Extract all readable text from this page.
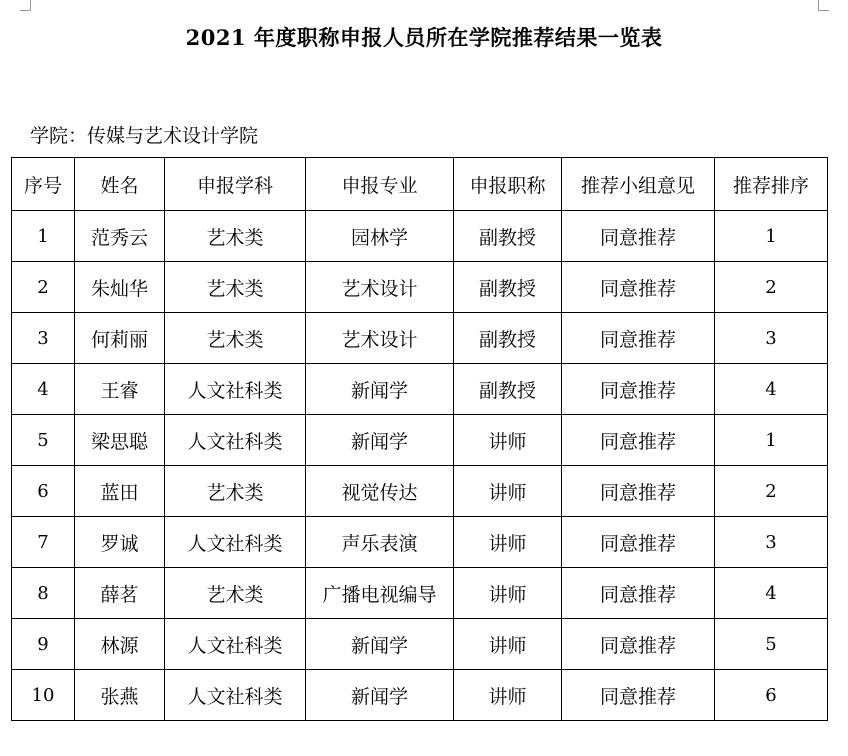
2021 年度职称申报人员所在学院推荐结果一览表
学院：传媒与艺术设计学院
序号	姓名	申报学科	申报专业	申报职称	推荐小组意见	推荐排序
1	范秀云	艺术类	园林学	副教授	同意推荐	1
2	朱灿华	艺术类	艺术设计	副教授	同意推荐	2
3	何莉丽	艺术类	艺术设计	副教授	同意推荐	3
4	王睿	人文社科类	新闻学	副教授	同意推荐	4
5	梁思聪	人文社科类	新闻学	讲师	同意推荐	1
6	蓝田	艺术类	视觉传达	讲师	同意推荐	2
7	罗诚	人文社科类	声乐表演	讲师	同意推荐	3
8	薛茗	艺术类	广播电视编导	讲师	同意推荐	4
9	林源	人文社科类	新闻学	讲师	同意推荐	5
10	张燕	人文社科类	新闻学	讲师	同意推荐	6
